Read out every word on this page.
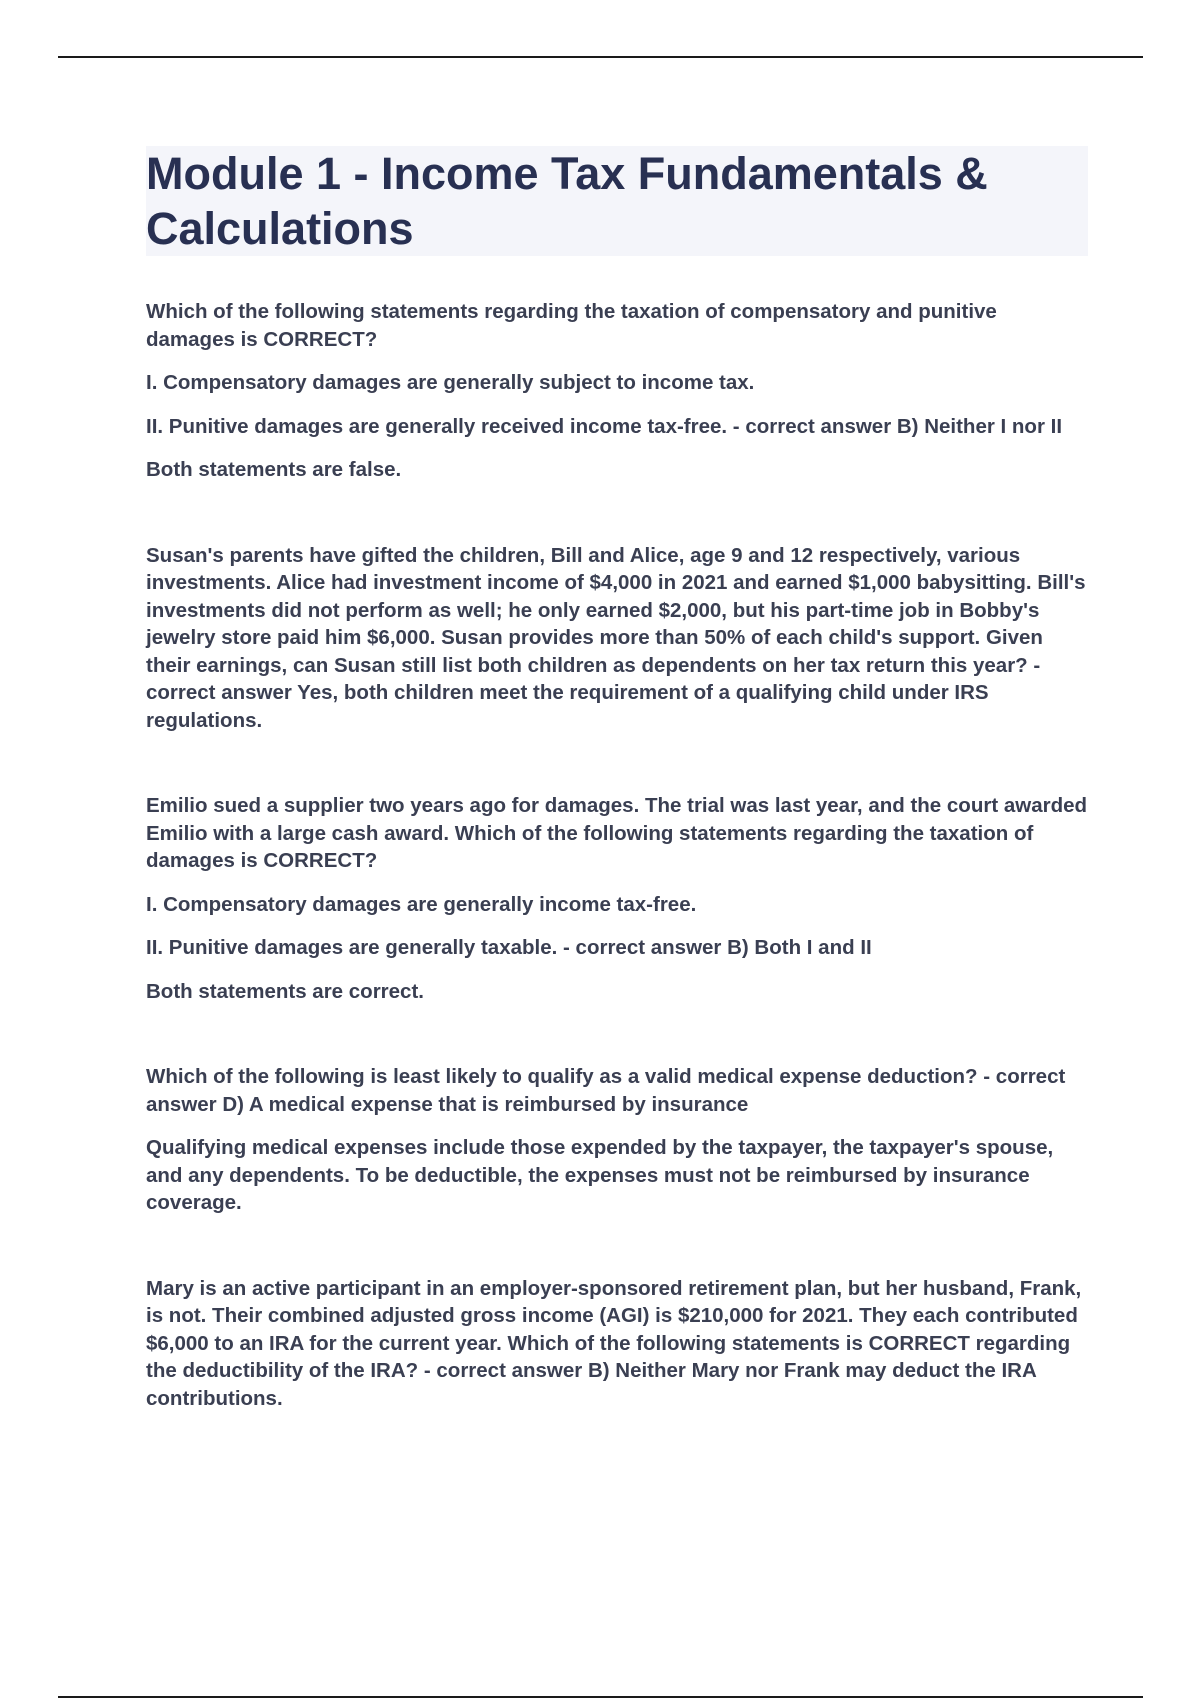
Module 1 - Income Tax Fundamentals & Calculations

Which of the following statements regarding the taxation of compensatory and punitive damages is CORRECT?

I. Compensatory damages are generally subject to income tax.

II. Punitive damages are generally received income tax-free. - correct answer B) Neither I nor II

Both statements are false.

Susan's parents have gifted the children, Bill and Alice, age 9 and 12 respectively, various investments. Alice had investment income of $4,000 in 2021 and earned $1,000 babysitting. Bill's investments did not perform as well; he only earned $2,000, but his part-time job in Bobby's jewelry store paid him $6,000. Susan provides more than 50% of each child's support. Given their earnings, can Susan still list both children as dependents on her tax return this year? - correct answer Yes, both children meet the requirement of a qualifying child under IRS regulations.

Emilio sued a supplier two years ago for damages. The trial was last year, and the court awarded Emilio with a large cash award. Which of the following statements regarding the taxation of damages is CORRECT?

I. Compensatory damages are generally income tax-free.

II. Punitive damages are generally taxable. - correct answer B) Both I and II

Both statements are correct.

Which of the following is least likely to qualify as a valid medical expense deduction? - correct answer D) A medical expense that is reimbursed by insurance

Qualifying medical expenses include those expended by the taxpayer, the taxpayer's spouse, and any dependents. To be deductible, the expenses must not be reimbursed by insurance coverage.

Mary is an active participant in an employer-sponsored retirement plan, but her husband, Frank, is not. Their combined adjusted gross income (AGI) is $210,000 for 2021. They each contributed $6,000 to an IRA for the current year. Which of the following statements is CORRECT regarding the deductibility of the IRA? - correct answer B) Neither Mary nor Frank may deduct the IRA contributions.
